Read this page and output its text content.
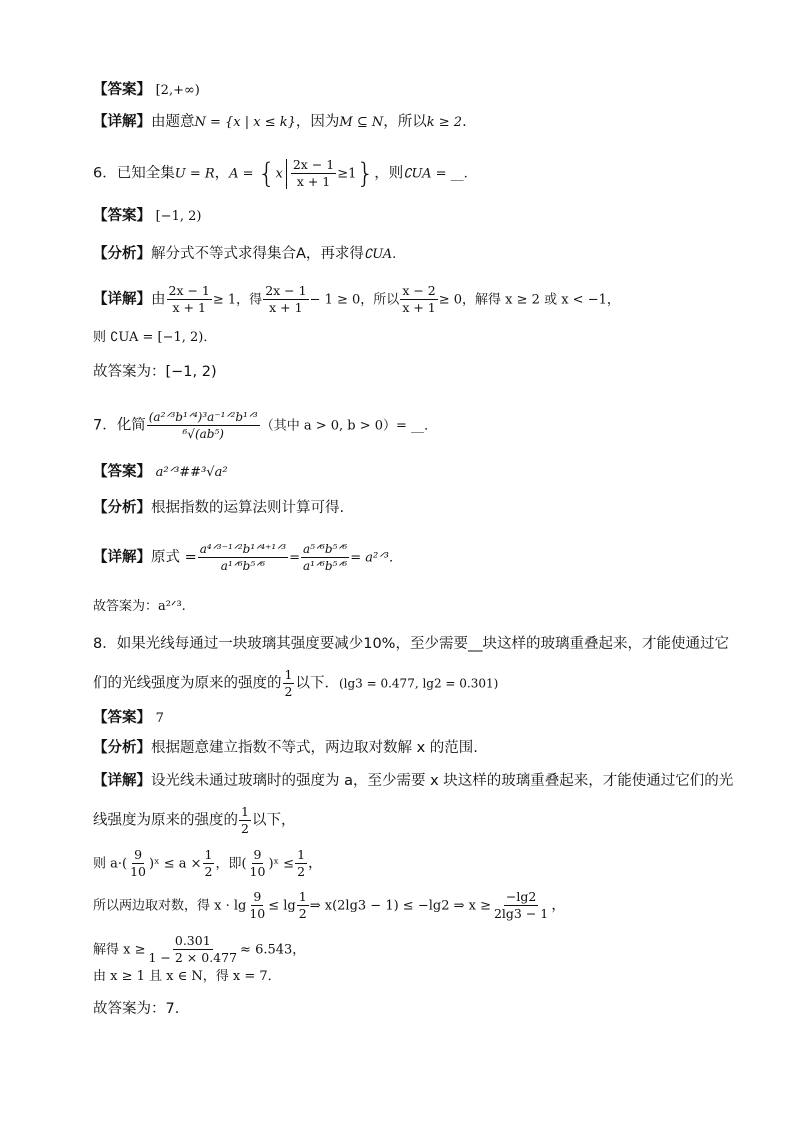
【答案】 [2,+∞)
【详解】由题意N = {x | x ≤ k}，因为M ⊆ N，所以k ≥ 2.
6．已知全集U = R，$A = \{x \frac{2x - 1}{x + 1} \ge 1\}$，则∁UA = __.
【答案】 [−1, 2)
【分析】解分式不等式求得集合A，再求得∁UA.
【详解】由 $\frac{2x - 1}{x + 1} \ge 1$，得 $\frac{2x - 1}{x + 1} - 1 \ge 0$，所以 $\frac{x - 2}{x + 1} \ge 0$，解得 x ≥ 2 或 x < −1，
则 ∁UA = [−1, 2)．
故答案为：[−1, 2)
7．化简 $\frac{\text{(a²ᐟ³b¹ᐟ⁴)³a⁻¹ᐟ²b¹ᐟ³}}{\text{⁶√(ab⁵)}}$ （其中 a > 0, b > 0）= __．
【答案】 a²ᐟ³##³√a²
【分析】根据指数的运算法则计算可得.
【详解】原式 = $\frac{\text{a⁴ᐟ³⁻¹ᐟ²b¹ᐟ⁴⁺¹ᐟ³}}{\text{a¹ᐟ⁶b⁵ᐟ⁶}} = \frac{\text{a⁵ᐟ⁶b⁵ᐟ⁶}}{\text{a¹ᐟ⁶b⁵ᐟ⁶}}$ = a²ᐟ³．
故答案为：a²ᐟ³.
8．如果光线每通过一块玻璃其强度要减少10%，至少需要__块这样的玻璃重叠起来，才能使通过它
们的光线强度为原来的强度的 $\frac{1}{2}$ 以下．(lg3 = 0.477, lg2 = 0.301)
【答案】 7
【分析】根据题意建立指数不等式，两边取对数解 x 的范围.
【详解】设光线未通过玻璃时的强度为 a，至少需要 x 块这样的玻璃重叠起来，才能使通过它们的光
线强度为原来的强度的 $\frac{1}{2}$ 以下，
则 $a\cdot( \frac{9}{10}$ )ˣ ≤ $a \times \frac{1}{2}$ ，即( $\frac{9}{10}$ )ˣ ≤ $\frac{1}{2}$ ，
所以两边取对数，得 $x \cdot \lg \frac{9}{10} \le \lg \frac{1}{2}$ ⇒ x(2lg3 − 1) ≤ −lg2 ⇒ $x \ge \frac{-\lg 2}{2\lg 3 - 1}$ ，
解得 $x \ge \frac{0.301}{1 - 2 \times 0.477} \approx 6.543$，
由 x ≥ 1 且 x ∈ N，得 x = 7．
故答案为：7.
